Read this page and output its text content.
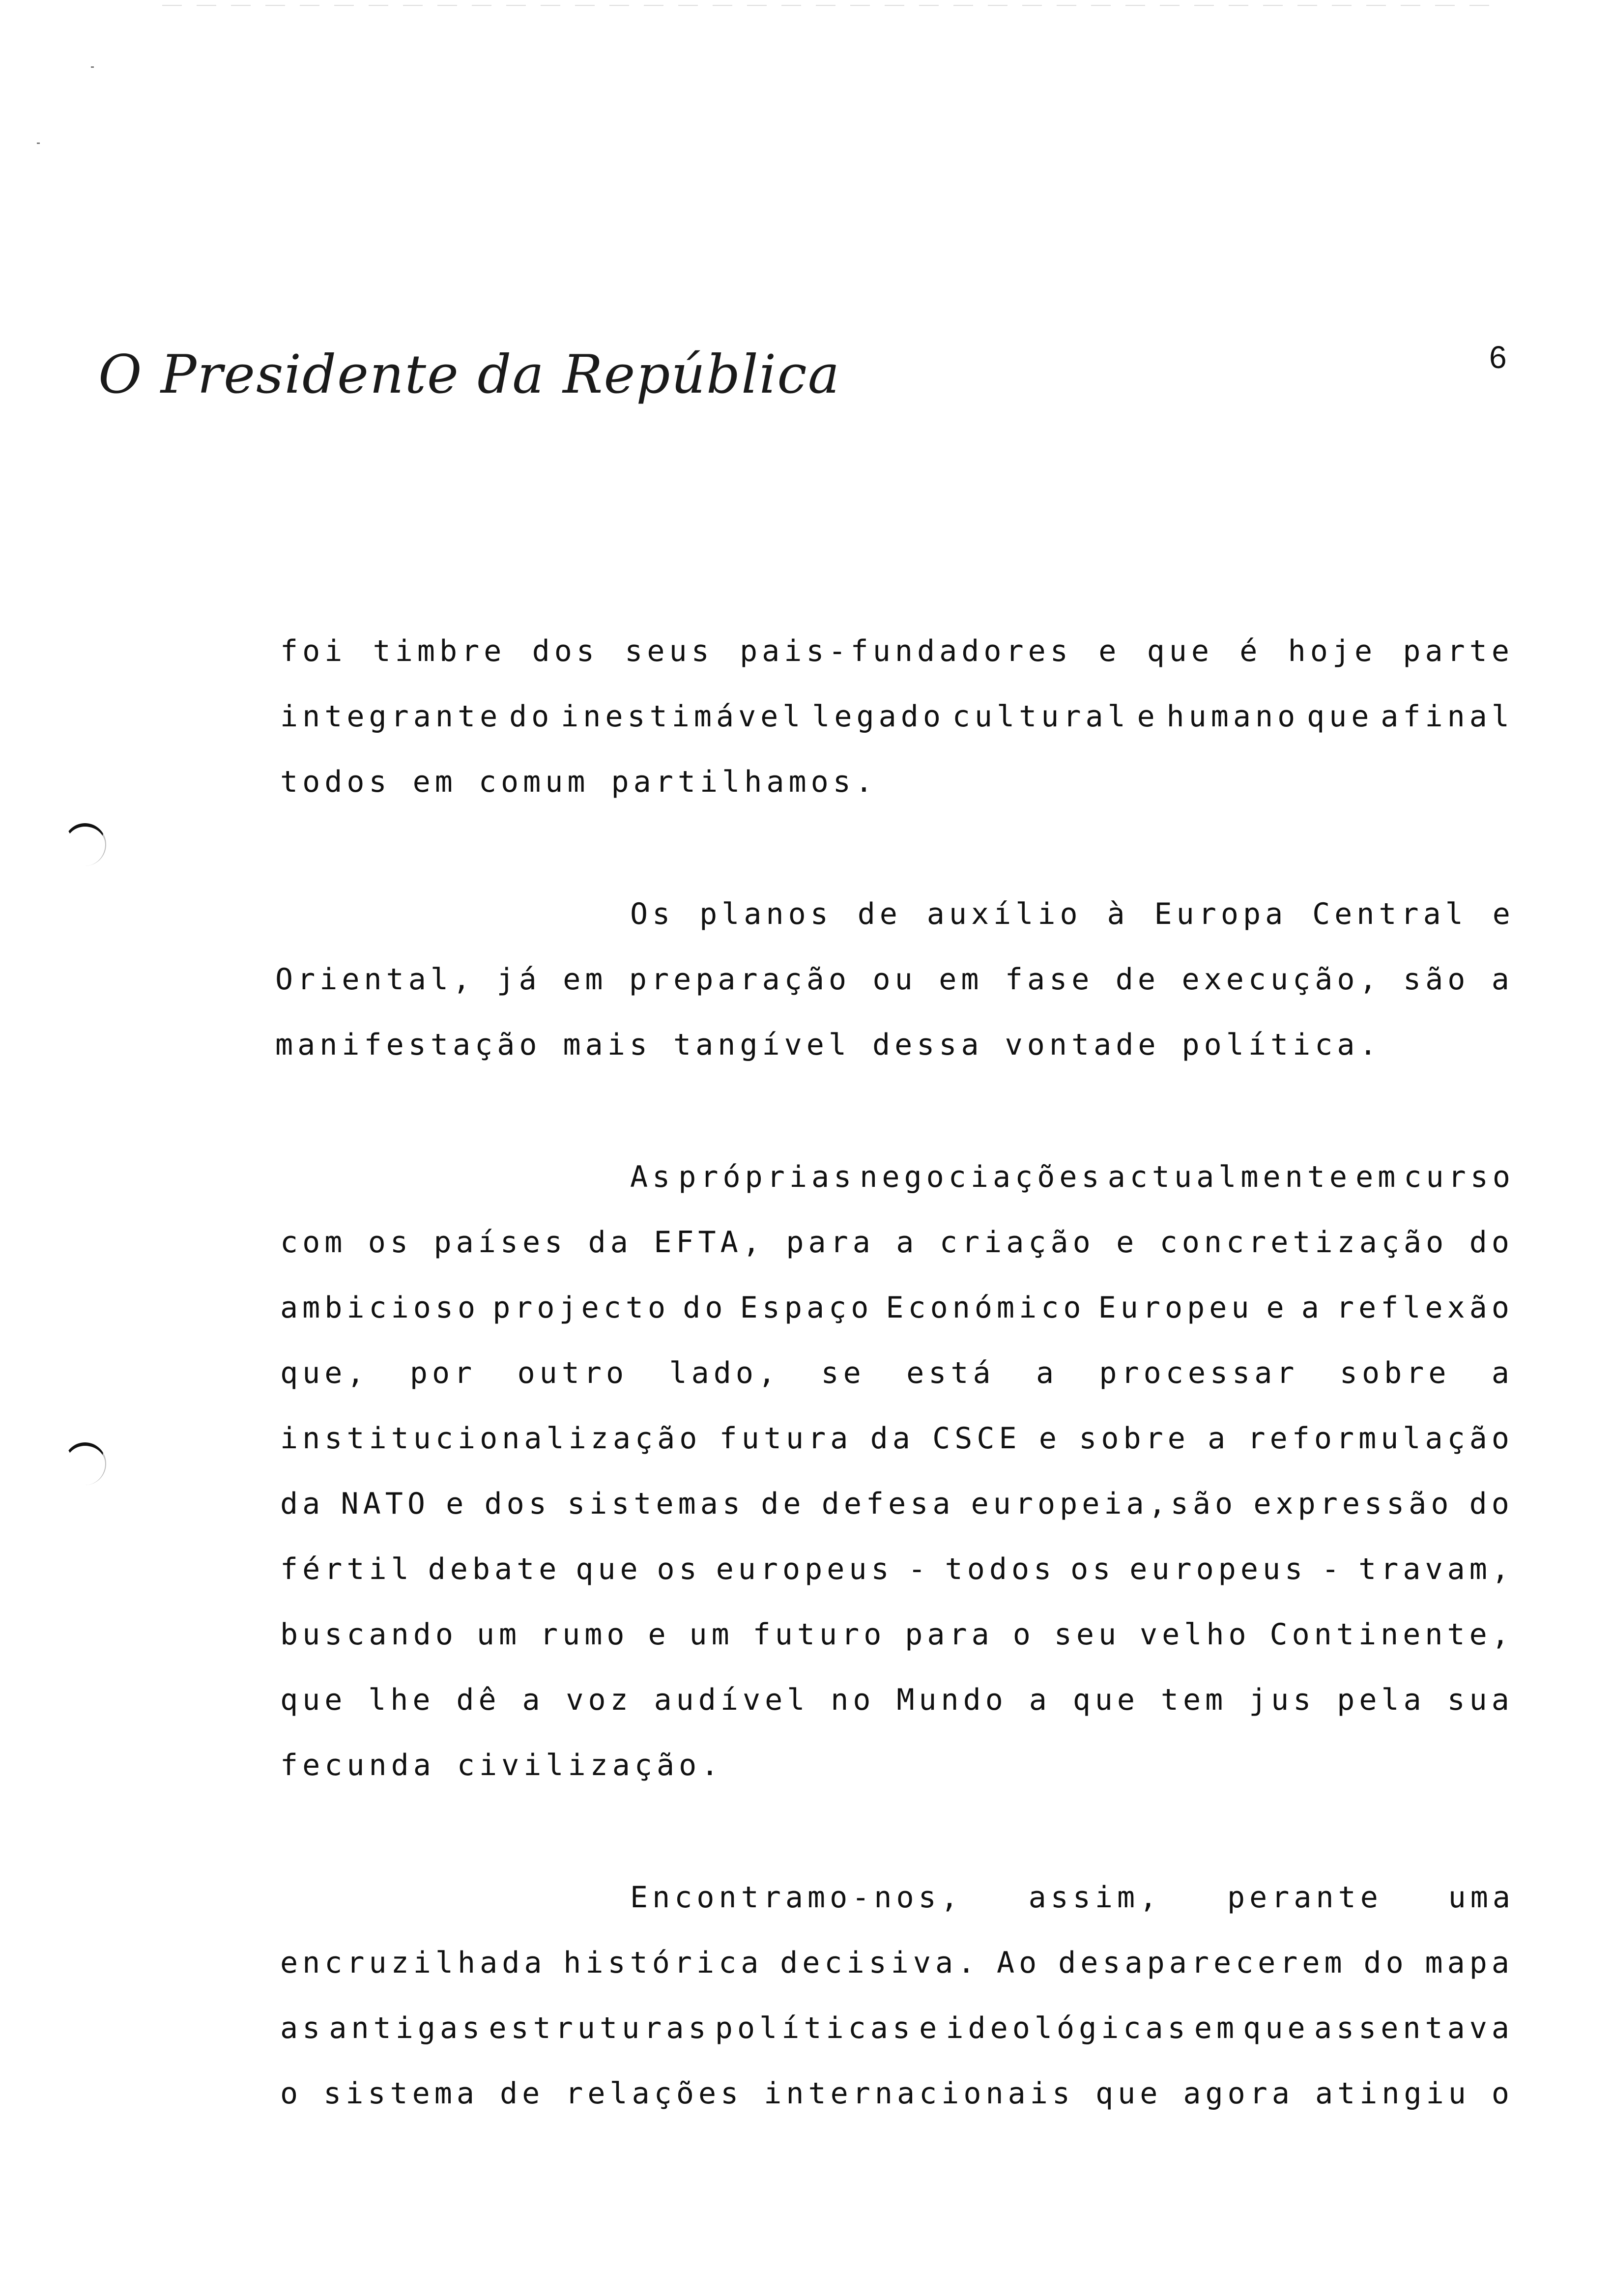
O Presidente da República	6
foi timbre dos seus pais-fundadores e que é hoje parte
integrante do inestimável legado cultural e humano que afinal
todos em comum partilhamos.
Os planos de auxílio à Europa Central e
Oriental, já em preparação ou em fase de execução, são a
manifestação mais tangível dessa vontade política.
As próprias negociações actualmente em curso
com os países da EFTA, para a criação e concretização do
ambicioso projecto do Espaço Económico Europeu e a reflexão
que, por outro lado, se está a processar sobre a
institucionalização futura da CSCE e sobre a reformulação
da NATO e dos sistemas de defesa europeia,são expressão do
fértil debate que os europeus - todos os europeus - travam,
buscando um rumo e um futuro para o seu velho Continente,
que lhe dê a voz audível no Mundo a que tem jus pela sua
fecunda civilização.
Encontramo-nos, assim, perante uma
encruzilhada histórica decisiva. Ao desaparecerem do mapa
as antigas estruturas políticas e ideológicas em que assentava
o sistema de relações internacionais que agora atingiu o
